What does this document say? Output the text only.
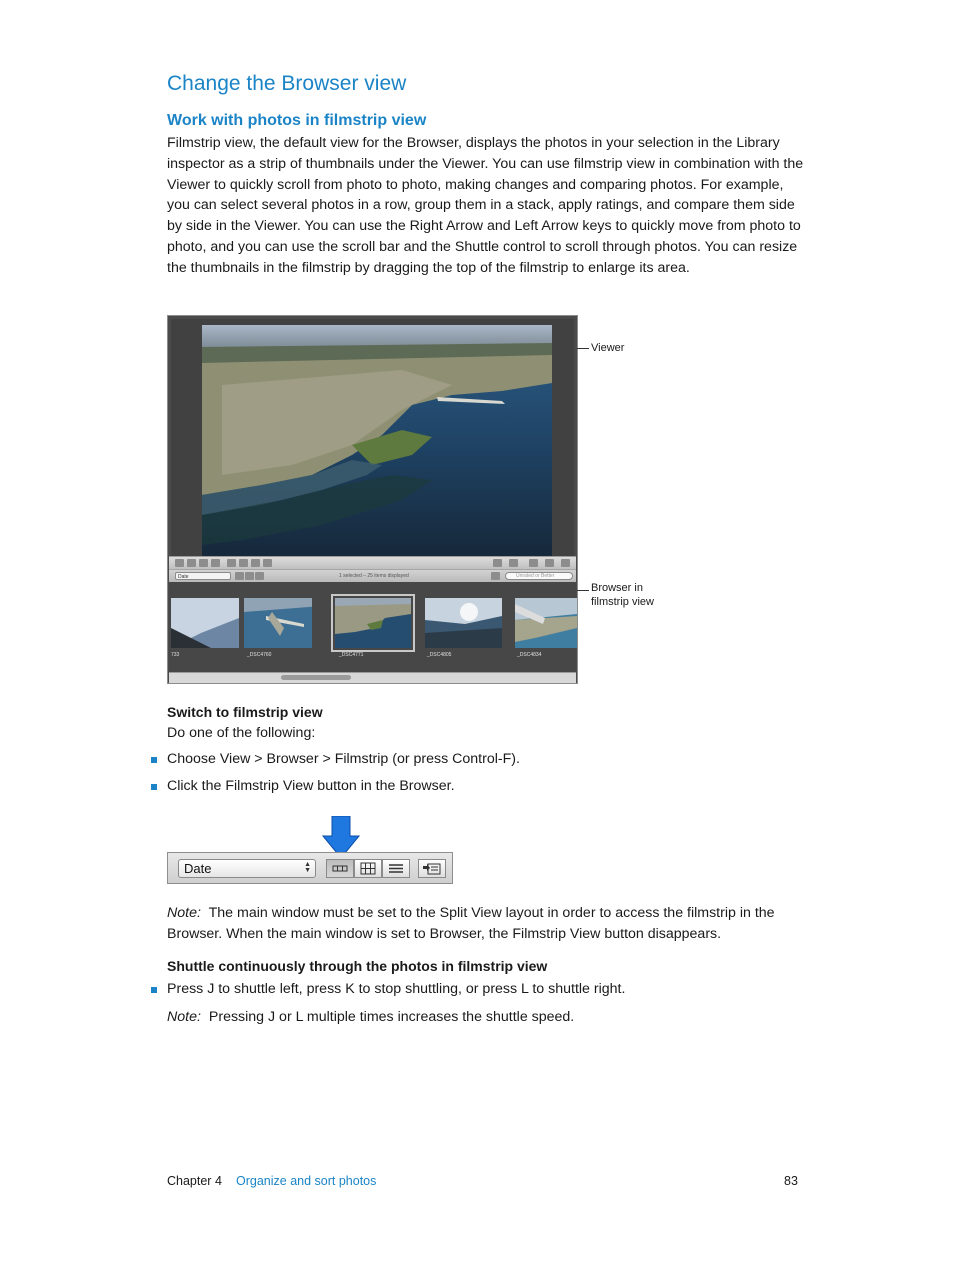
Change the Browser view
Work with photos in filmstrip view
Filmstrip view, the default view for the Browser, displays the photos in your selection in the Library inspector as a strip of thumbnails under the Viewer. You can use filmstrip view in combination with the Viewer to quickly scroll from photo to photo, making changes and comparing photos. For example, you can select several photos in a row, group them in a stack, apply ratings, and compare them side by side in the Viewer. You can use the Right Arrow and Left Arrow keys to quickly move from photo to photo, and you can use the scroll bar and the Shuttle control to scroll through photos. You can resize the thumbnails in the filmstrip by dragging the top of the filmstrip to enlarge its area.
Date	1 selected – 25 items displayed	Unrated or Better
733	_DSC4760	_DSC4771	_DSC4805	_DSC4834
Viewer
Browser in
filmstrip view
Switch to filmstrip view
Do one of the following:
Choose View > Browser > Filmstrip (or press Control-F).
Click the Filmstrip View button in the Browser.
Date	▲
▼
Note: The main window must be set to the Split View layout in order to access the filmstrip in the Browser. When the main window is set to Browser, the Filmstrip View button disappears.
Shuttle continuously through the photos in filmstrip view
Press J to shuttle left, press K to stop shuttling, or press L to shuttle right.
Note: Pressing J or L multiple times increases the shuttle speed.
Chapter 4 Organize and sort photos	83
